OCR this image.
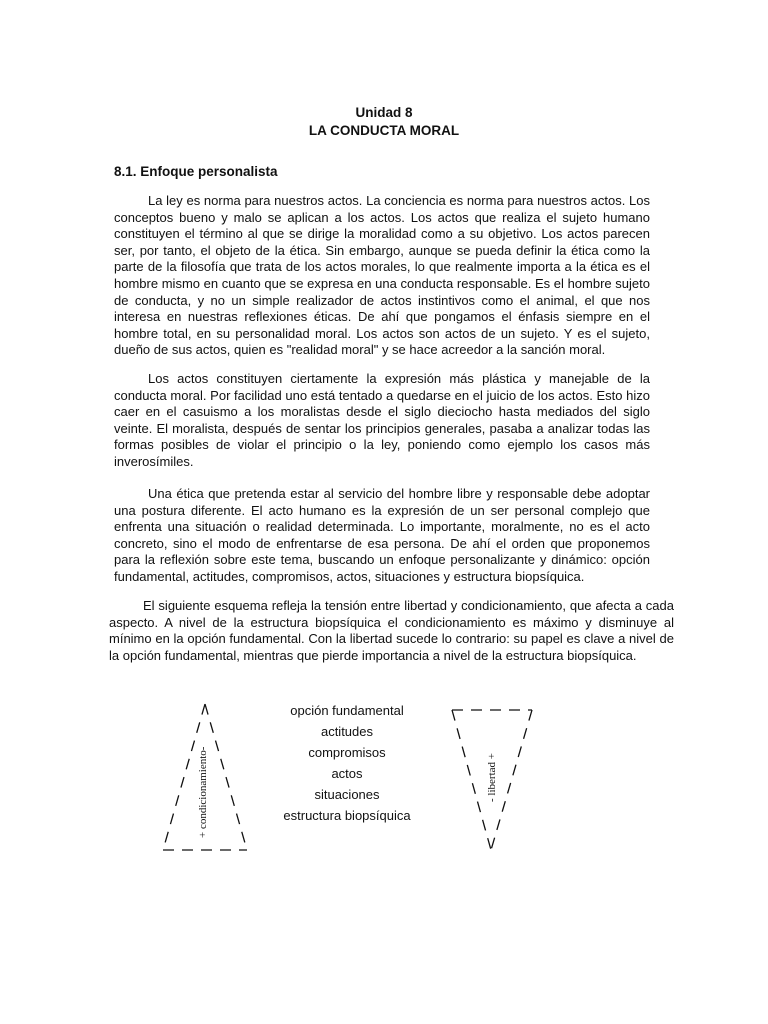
Unidad 8
LA CONDUCTA MORAL
8.1. Enfoque personalista

La ley es norma para nuestros actos. La conciencia es norma para nuestros actos. Los conceptos bueno y malo se aplican a los actos. Los actos que realiza el sujeto humano constituyen el término al que se dirige la moralidad como a su objetivo. Los actos parecen ser, por tanto, el objeto de la ética. Sin embargo, aunque se pueda definir la ética como la parte de la filosofía que trata de los actos morales, lo que realmente importa a la ética es el hombre mismo en cuanto que se expresa en una conducta responsable. Es el hombre sujeto de conducta, y no un simple realizador de actos instintivos como el animal, el que nos interesa en nuestras reflexiones éticas. De ahí que pongamos el énfasis siempre en el hombre total, en su personalidad moral. Los actos son actos de un sujeto. Y es el sujeto, dueño de sus actos, quien es "realidad moral" y se hace acreedor a la sanción moral.

Los actos constituyen ciertamente la expresión más plástica y manejable de la conducta moral. Por facilidad uno está tentado a quedarse en el juicio de los actos. Esto hizo caer en el casuismo a los moralistas desde el siglo dieciocho hasta mediados del siglo veinte. El moralista, después de sentar los principios generales, pasaba a analizar todas las formas posibles de violar el principio o la ley, poniendo como ejemplo los casos más inverosímiles.

Una ética que pretenda estar al servicio del hombre libre y responsable debe adoptar una postura diferente. El acto humano es la expresión de un ser personal complejo que enfrenta una situación o realidad determinada. Lo importante, moralmente, no es el acto concreto, sino el modo de enfrentarse de esa persona. De ahí el orden que proponemos para la reflexión sobre este tema, buscando un enfoque personalizante y dinámico: opción fundamental, actitudes, compromisos, actos, situaciones y estructura biopsíquica.

El siguiente esquema refleja la tensión entre libertad y condicionamiento, que afecta a cada aspecto. A nivel de la estructura biopsíquica el condicionamiento es máximo y disminuye al mínimo en la opción fundamental. Con la libertad sucede lo contrario: su papel es clave a nivel de la opción fundamental, mientras que pierde importancia a nivel de la estructura biopsíquica.

+ condicionamiento-
opción fundamental
actitudes
compromisos
actos
situaciones
estructura biopsíquica
- libertad +
